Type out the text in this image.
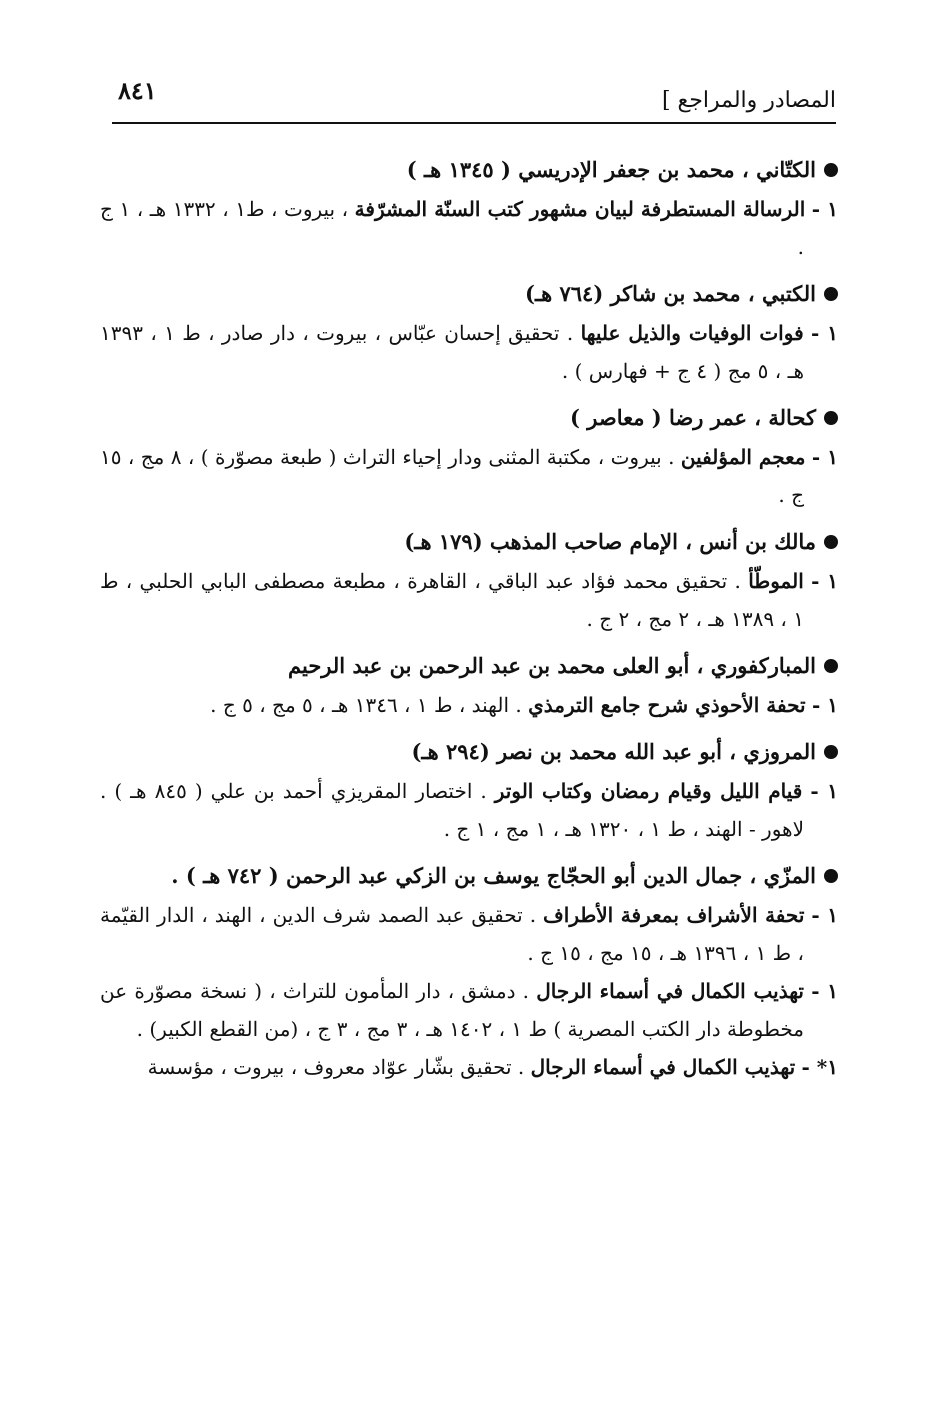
٨٤١	المصادر والمراجع ]
الكتّاني ، محمد بن جعفر الإدريسي ( ١٣٤٥ هـ )
١ - الرسالة المستطرفة لبيان مشهور كتب السنّة المشرّفة ، بيروت ، ط١ ، ١٣٣٢ هـ ، ١ ج .
الكتبي ، محمد بن شاكر (٧٦٤ هـ)
١ - فوات الوفيات والذيل عليها . تحقيق إحسان عبّاس ، بيروت ، دار صادر ، ط ١ ، ١٣٩٣ هـ ، ٥ مج ( ٤ ج + فهارس ) .
كحالة ، عمر رضا ( معاصر )
١ - معجم المؤلفين . بيروت ، مكتبة المثنى ودار إحياء التراث ( طبعة مصوّرة ) ، ٨ مج ، ١٥ ج .
مالك بن أنس ، الإمام صاحب المذهب (١٧٩ هـ)
١ - الموطّأ . تحقيق محمد فؤاد عبد الباقي ، القاهرة ، مطبعة مصطفى البابي الحلبي ، ط ١ ، ١٣٨٩ هـ ، ٢ مج ، ٢ ج .
المباركفوري ، أبو العلى محمد بن عبد الرحمن بن عبد الرحيم
١ - تحفة الأحوذي شرح جامع الترمذي . الهند ، ط ١ ، ١٣٤٦ هـ ، ٥ مج ، ٥ ج .
المروزي ، أبو عبد الله محمد بن نصر (٢٩٤ هـ)
١ - قيام الليل وقيام رمضان وكتاب الوتر . اختصار المقريزي أحمد بن علي ( ٨٤٥ هـ ) . لاهور - الهند ، ط ١ ، ١٣٢٠ هـ ، ١ مج ، ١ ج .
المزّي ، جمال الدين أبو الحجّاج يوسف بن الزكي عبد الرحمن ( ٧٤٢ هـ ) .
١ - تحفة الأشراف بمعرفة الأطراف . تحقيق عبد الصمد شرف الدين ، الهند ، الدار القيّمة ، ط ١ ، ١٣٩٦ هـ ، ١٥ مج ، ١٥ ج .
١ - تهذيب الكمال في أسماء الرجال . دمشق ، دار المأمون للتراث ، ( نسخة مصوّرة عن مخطوطة دار الكتب المصرية ) ط ١ ، ١٤٠٢ هـ ، ٣ مج ، ٣ ج ، (من القطع الكبير) .
١* - تهذيب الكمال في أسماء الرجال . تحقيق بشّار عوّاد معروف ، بيروت ، مؤسسة
